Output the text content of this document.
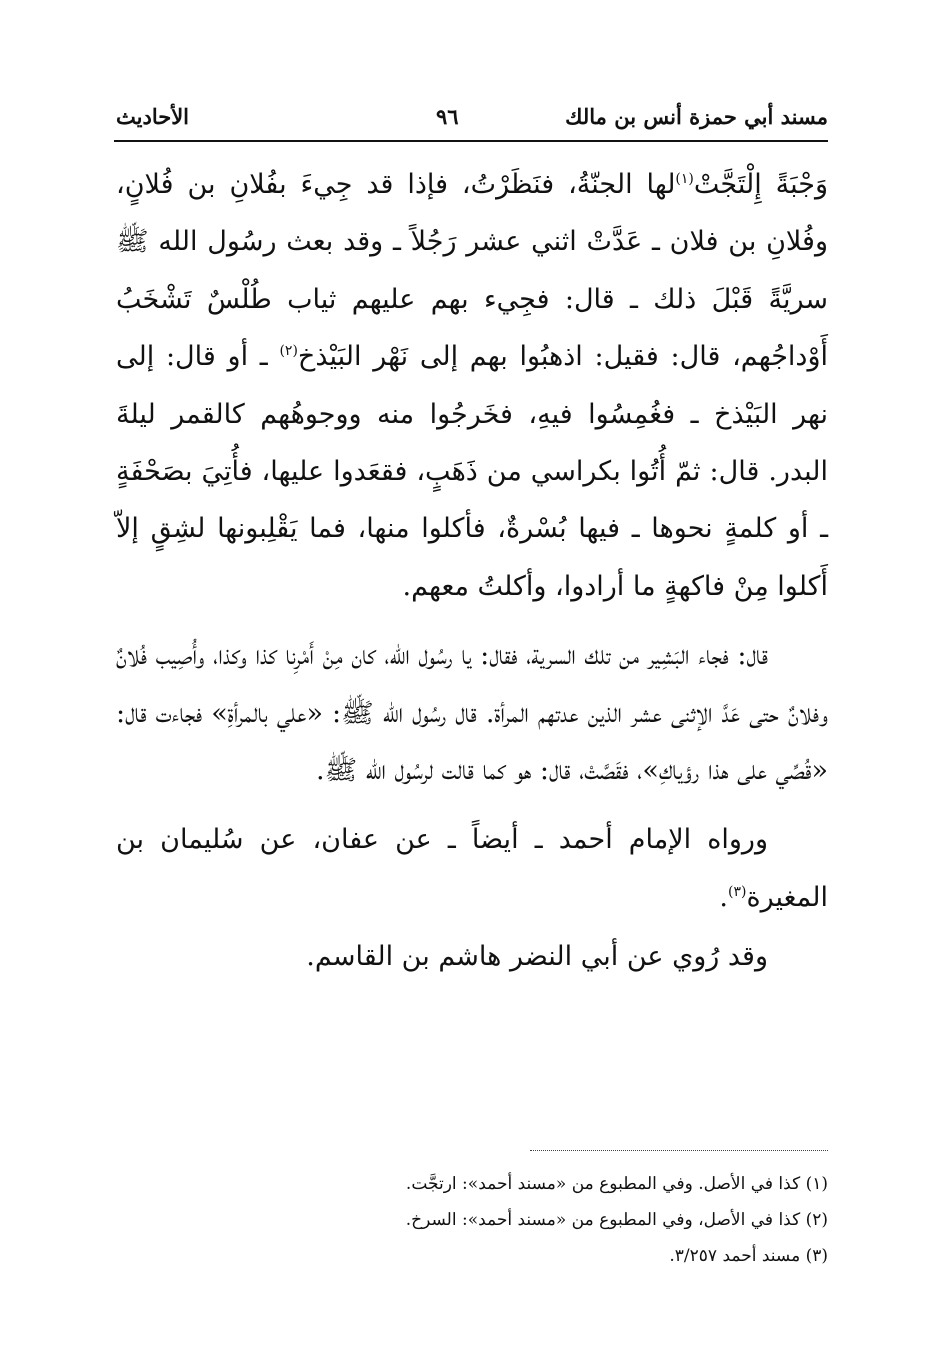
مسند أبي حمزة أنس بن مالك
٩٦
الأحاديث

وَجْبَةً إِلْتَجَّتْ$^{(١)}$لها الجنّةُ، فنَظَرْتُ، فإذا قد جِيءَ بفُلانِ بن فُلانٍ، وفُلانِ بن فلان ـ عَدَّتْ اثني عشر رَجُلاً ـ وقد بعث رسُول الله ﷺ سريَّةً قَبْلَ ذلك ـ قال: فجِيء بهم عليهم ثياب طُلْسٌ تَشْخَبُ أَوْداجُهم، قال: فقيل: اذهبُوا بهم إلى نَهْر البَيْذخ$^{(٢)}$ ـ أو قال: إلى نهر البَيْذخ ـ فغُمِسُوا فيهِ، فخَرجُوا منه ووجوهُهم كالقمر ليلةَ البدر. قال: ثمّ أُتُوا بكراسي من ذَهَبٍ، فقعَدوا عليها، فأُتِيَ بصَحْفَةٍ ـ أو كلمةٍ نحوها ـ فيها بُسْرةٌ، فأكلوا منها، فما يَقْلِبونها لشِقٍ إلاّ أَكلوا مِنْ فاكهةٍ ما أرادوا، وأكلتُ معهم.

قال: فجاء البَشِير من تلك السرية، فقال: يا رسُول الله، كان مِنْ أَمْرِنا كذا وكذا، وأُصِيب فُلانٌ وفلانٌ حتى عَدَّ الإثنى عشر الذين عدتهم المرأة. قال رسُول الله ﷺ: «علي بالمرأةِ» فجاءت قال: «قُصِّي على هذا رؤياكِ»، فقَصَّتْ، قال: هو كما قالت لرسُول الله ﷺ.

ورواه الإمام أحمد ـ أيضاً ـ عن عفان، عن سُليمان بن المغيرة$^{(٣)}$.

وقد رُوي عن أبي النضر هاشم بن القاسم.

(١) كذا في الأصل. وفي المطبوع من «مسند أحمد»: ارتجَّت.

(٢) كذا في الأصل، وفي المطبوع من «مسند أحمد»: السرخ.

(٣) مسند أحمد ٣/٢٥٧.
